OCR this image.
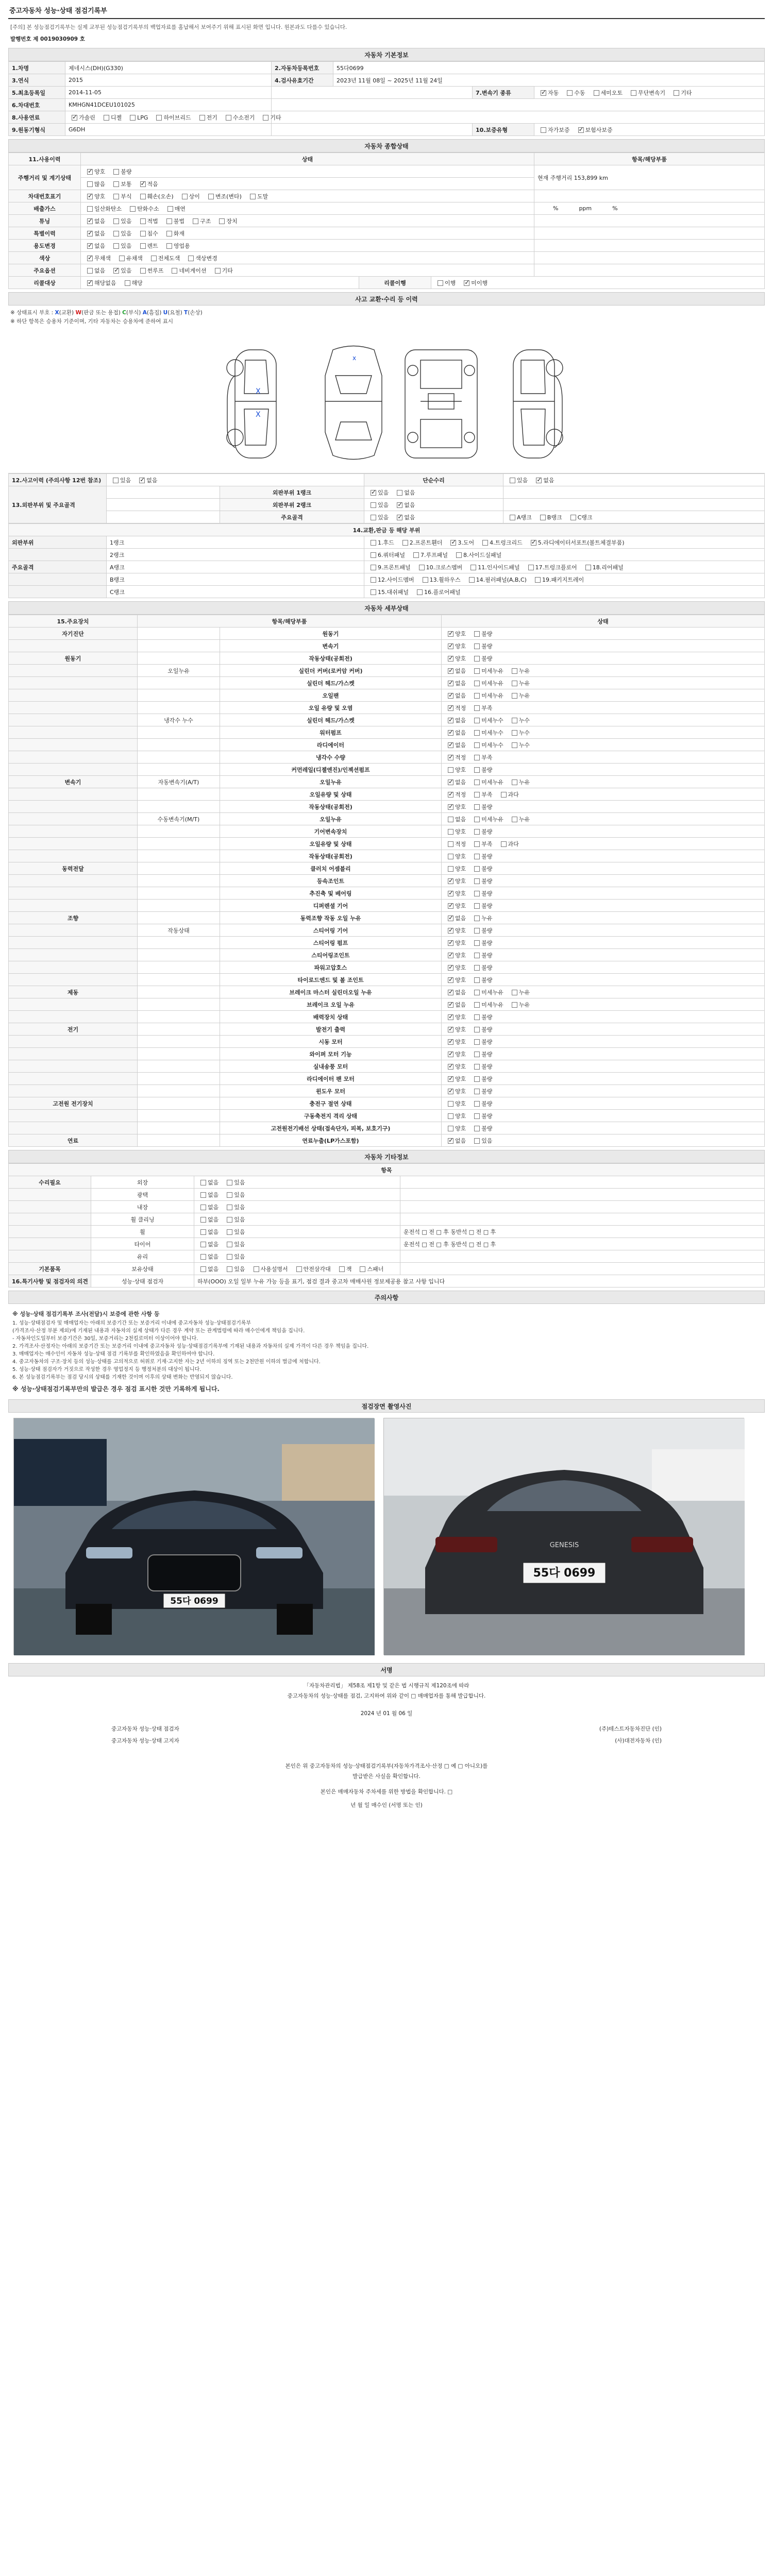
중고자동차 성능·상태 점검기록부
[주의] 본 성능점검기록부는 실제 교부된 성능점검기록부의 백업자료를 홈납해서 보여주기 위해 표시된 화면 입니다. 원본과도 다를수 있습니다.
발행번호 제 0019030909 호
자동차 기본정보
1.차명	제네시스(DH)(G330)	2.자동차등록번호	55다0699		
3.연식	2015	4.검사유효기간	2023년 11월 08일 ~ 2025년 11월 24일		
5.최초등록일	2014-11-05			7.변속기 종류	✓자동 수동 세미오토 무단변속기 기타
6.차대번호	KMHGN41DCEU101025				
8.사용연료	✓가솔린 디젤 LPG 하이브리드 전기 수소전기 기타	
9.원동기형식	G6DH			10.보증유형	자가보증 ✓ 보험사보증
자동차 종합상태
11.사용이력	상태			항목/해당부품
주행거리 및 계기상태	✓양호 불량			현재 주행거리 153,899 km
	많음 보통 ✓ 적음
차대번호표기	✓양호 부식 훼손(오손) 상이 변조(변타) 도말	
배출가스	일산화탄소 탄화수소 매연			% ppm %
튜닝	✓없음 있음 적법 불법 구조 장치	
특별이력	✓없음 있음 침수 화재	
용도변경	✓없음 있음 렌트 영업용	
색상	✓무채색 유채색 전체도색 색상변경	
주요옵션	없음 ✓ 있음 썬루프 네비게이션 기타	
리콜대상	✓해당없음 해당	리콜이행	이행 ✓ 미이행
사고 교환·수리 등 이력
※ 상태표시 부호 : X(교환) W(판금 또는 용접) C(부식) A(흠집) U(요철) T(손상)
※ 하단 항목은 승용차 기준이며, 기타 자동차는 승용차에 준하여 표시
X
X
x
12.사고이력 (주의사항 12번 참조)	있음 ✓ 없음		단순수리	있음 ✓ 없음
13.외판부위 및 주요골격		외판부위 1랭크	✓있음 없음	
		외판부위 2랭크	있음 ✓ 없음	
		주요골격	있음 ✓ 없음	A랭크 B랭크 C랭크
14.교환,판금 등 해당 부위		
외판부위	1랭크	1.후드 2.프론트휀더 ✓ 3.도어 4.트렁크리드 ✓ 5.라디에이터서포트(볼트체결부품)
	2랭크	6.쿼터패널 7.루프패널 8.사이드실패널
주요골격	A랭크	9.프론트패널 10.크로스멤버 11.인사이드패널 17.트렁크플로어 18.리어패널
	B랭크	12.사이드멤버 13.휠하우스 14.필러패널(A,B,C) 19.패키지트레이
	C랭크	15.대쉬패널 16.플로어패널
자동차 세부상태
15.주요장치	항목/해당부품		상태
자기진단		원동기	✓양호 불량
		변속기	✓양호 불량
원동기		작동상태(공회전)	✓양호 불량
	오일누유	실린더 커버(로커암 커버)	✓없음 미세누유 누유
		실린더 헤드/가스켓	✓없음 미세누유 누유
		오일팬	✓없음 미세누유 누유
		오일 유량 및 오염	✓적정 부족
	냉각수 누수	실린더 헤드/가스켓	✓없음 미세누수 누수
		워터펌프	✓없음 미세누수 누수
		라디에이터	✓없음 미세누수 누수
		냉각수 수량	✓적정 부족
		커먼레일(디젤엔진)/인젝션펌프	양호 불량
변속기	자동변속기(A/T)	오일누유	✓없음 미세누유 누유
		오일유량 및 상태	✓적정 부족 과다
		작동상태(공회전)	✓양호 불량
	수동변속기(M/T)	오일누유	없음 미세누유 누유
		기어변속장치	양호 불량
		오일유량 및 상태	적정 부족 과다
		작동상태(공회전)	양호 불량
동력전달		클러치 어셈블리	양호 불량
		등속조인트	✓양호 불량
		추진축 및 베어링	✓양호 불량
		디퍼렌셜 기어	✓양호 불량
조향		동력조향 작동 오일 누유	✓없음 누유
	작동상태	스티어링 기어	✓양호 불량
		스티어링 펌프	✓양호 불량
		스티어링조인트	✓양호 불량
		파워고압호스	✓양호 불량
		타이로드엔드 및 볼 조인트	✓양호 불량
제동		브레이크 마스터 실린더오일 누유	✓없음 미세누유 누유
		브레이크 오일 누유	✓없음 미세누유 누유
		배력장치 상태	✓양호 불량
전기		발전기 출력	✓양호 불량
		시동 모터	✓양호 불량
		와이퍼 모터 기능	✓양호 불량
		실내송풍 모터	✓양호 불량
		라디에이터 팬 모터	✓양호 불량
		윈도우 모터	✓양호 불량
고전원 전기장치		충전구 절연 상태	양호 불량
		구동축전지 격리 상태	양호 불량
		고전원전기배선 상태(접속단자, 피복, 보호기구)	양호 불량
연료		연료누출(LP가스포함)	✓없음 있음
자동차 기타정보
항목			
수리필요	외장	없음 있음	
	광택	없음 있음	
	내장	없음 있음	
	휠 클리닝	없음 있음	
	휠	없음 있음	운전석 □ 전 □ 후 동반석 □ 전 □ 후
	타이어	없음 있음	운전석 □ 전 □ 후 동반석 □ 전 □ 후
	유리	없음 있음	
기본품목	보유상태	없음 있음 사용설명서 안전삼각대 잭 스패너	
16.특기사항 및 점검자의 의견	성능·상태 점검자	하부(OOO) 오일 일부 누유 가능 등을 표기, 점검 결과 중고차 매매사원 정보제공용 참고 사항 입니다	
주의사항
※ 성능·상태 점검기록부 조사(전달)시 보증에 관한 사항 등
1. 성능·상태점검자 및 매매업자는 아래의 보증기간 또는 보증거리 이내에 중고자동차 성능·상태점검기록부
(가격조사·산정 부분 제외)에 기재된 내용과 자동차의 실제 상태가 다른 경우 계약 또는 관계법령에 따라 매수인에게 책임을 집니다.
- 자동차인도일부터 보증기간은 30일, 보증거리는 2천킬로미터 이상이어야 합니다.
2. 가격조사·산정자는 아래의 보증기간 또는 보증거리 이내에 중고자동차 성능·상태점검기록부에 기재된 내용과 자동차의 실제 가격이 다른 경우 책임을 집니다.
3. 매매업자는 매수인이 자동차 성능·상태 점검 기록부를 확인하였음을 확인하여야 합니다.
4. 중고자동차의 구조·장치 등의 성능·상태를 고의적으로 허위로 기재·고지한 자는 2년 이하의 징역 또는 2천만원 이하의 벌금에 처합니다.
5. 성능·상태 점검자가 거짓으로 작성한 경우 영업정지 등 행정처분의 대상이 됩니다.
6. 본 성능점검기록부는 점검 당시의 상태를 기재한 것이며 이후의 상태 변화는 반영되지 않습니다.
※ 성능·상태점검기록부만의 발급은 경우 점검 표시한 것만 기록하게 됩니다.
점검장면 촬영사진
55다 0699
GENESIS
55다 0699
서명
「자동차관리법」 제58조 제1항 및 같은 법 시행규칙 제120조에 따라
중고자동차의 성능·상태를 점검, 고지하여 위와 같이 □ 매매업자를 통해 발급합니다.
2024 년 01 월 06 일
중고자동차 성능·상태 점검자	(주)테스트자동차진단 (인)
중고자동차 성능·상태 고지자	(사)대전자동차 (인)
본인은 위 중고자동차의 성능·상태점검기록부(자동차가격조사·산정 □ 예 □ 아니오)를
발급받은 사실을 확인합니다.
본인은 매매자동차 주차세를 위한 방법을 확인합니다. □
년 월 일 매수인 (서명 또는 인)
